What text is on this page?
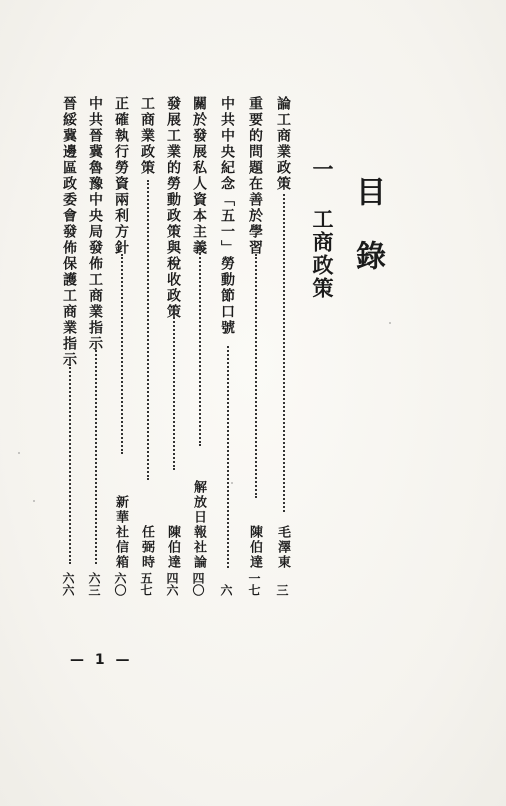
目錄
一 工商政策
論工商業政策
毛澤東
三
重要的問題在善於學習
陳伯達
一七
中共中央紀念「五一」勞動節口號
六
關於發展私人資本主義
解放日報社論
四〇
發展工業的勞動政策與稅收政策
陳伯達
四六
工商業政策
任弼時
五七
正確執行勞資兩利方針
新華社信箱
六〇
中共晉冀魯豫中央局發佈工商業指示
六三
晉綏冀邊區政委會發佈保護工商業指示
六六
— 1 —
